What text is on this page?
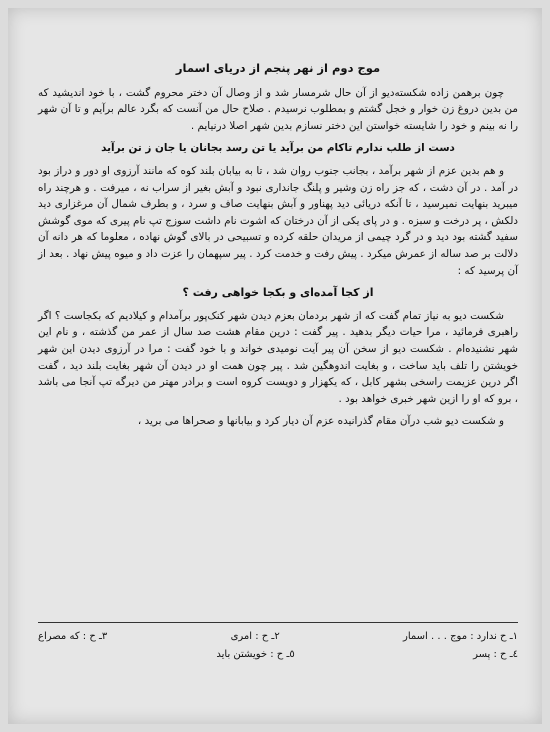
موج دوم از نهر پنجم از دریای اسمار

چون برهمن زاده شکسته‌دیو از آن حال شرمسار شد و از وصال آن دختر محروم گشت ، با خود اندیشید که من بدین دروغ زن خوار و خجل گشتم و بمطلوب نرسیدم . صلاح حال من آنست که بگرد عالم برآیم و تا آن شهر را نه بینم و خود را شایسته خواستن این دختر نسازم بدین شهر اصلا درنیایم .

دست از طلب ندارم تاکام من برآید یا تن رسد بجانان یا جان ز تن برآید

و هم بدین عزم از شهر برآمد ، بجانب جنوب روان شد ، تا به بیابان بلند کوه که مانند آرزوی او دور و دراز بود در آمد . در آن دشت ، که جز راه زن وشیر و پلنگ جانداری نبود و آبش بغیر از سراب نه ، میرفت . و هرچند راه میبرید بنهایت نمیرسید ، تا آنکه دریائی دید پهناور و آبش بنهایت صاف و سرد ، و بطرف شمال آن مرغزاری دید دلکش ، پر درخت و سبزه . و در پای یکی از آن درختان که اشوت نام داشت سوزج تپ نام پیری که موی گوشش سفید گشته بود دید و در گرد چیمی از مریدان حلقه کرده و تسبیحی در بالای گوش نهاده ، معلوما که هر دانه آن دلالت بر صد ساله از عمرش میکرد . پیش رفت و خدمت کرد . پیر سپهمان را عزت داد و میوه پیش نهاد . بعد از آن پرسید که :

از کجا آمده‌ای و بکجا خواهی رفت ؟

شکست دیو به نیاز تمام گفت که از شهر بردمان بعزم دیدن شهر کنک‌پور برآمدام و کیلادیم که بکجاست ؟ اگر راهبری فرمائید ، مرا حیات دیگر بدهید . پیر گفت : درین مقام هشت صد سال از عمر من گذشته ، و نام این شهر نشنیده‌ام . شکست دیو از سخن آن پیر آیت نومیدی خواند و با خود گفت : مرا در آرزوی دیدن این شهر خویشتن را تلف باید ساخت ، و بغایت اندوهگین شد . پیر چون همت او در دیدن آن شهر بغایت بلند دید ، گفت اگر درین عزیمت راسخی بشهر کابل ، که یکهزار و دویست کروه است و برادر مهتر من دیرگه تپ آنجا می باشد ، برو که او را ازین شهر خبری خواهد بود .

و شکست دیو شب درآن مقام گذرانیده عزم آن دیار کرد و بیابانها و صحراها می برید ،

١ـ ح ندارد : موج . . . اسمار
٢ـ ح : امری
٣ـ ح : که مصراع
٤ـ ح : پسر
٥ـ ح : خویشتن باید
